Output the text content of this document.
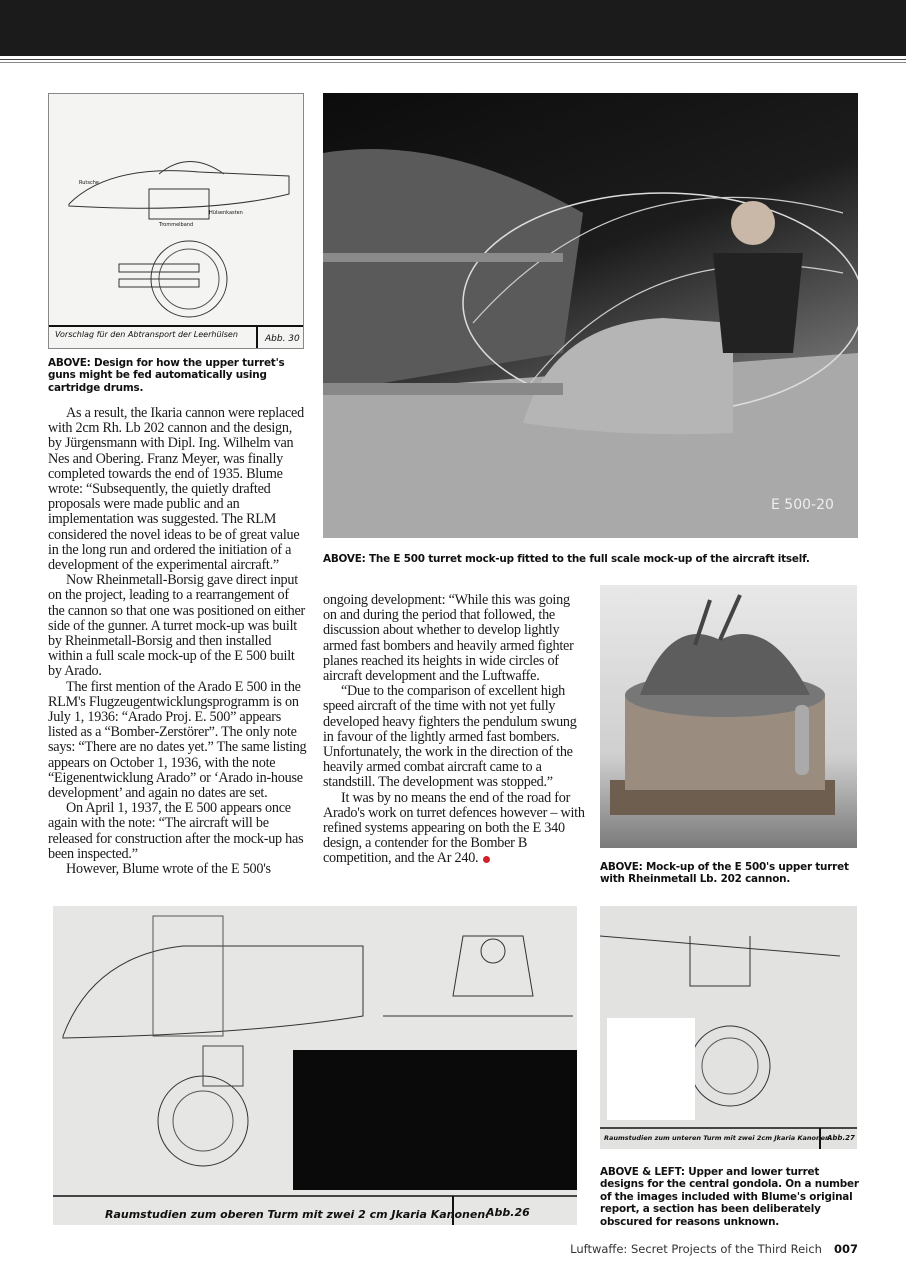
Vorschlag für den Abtransport der Leerhülsen	Abb. 30
Rutsche
Trommelband
Hülsenkasten
ABOVE: Design for how the upper turret's guns might be fed automatically using cartridge drums.
E 500-20
ABOVE: The E 500 turret mock-up fitted to the full scale mock-up of the aircraft itself.
ABOVE: Mock-up of the E 500's upper turret with Rheinmetall Lb. 202 cannon.
Raumstudien zum oberen Turm mit zwei 2 cm Jkaria Kanonen.
Abb.26
Raumstudien zum unteren Turm mit zwei 2cm Jkaria Kanonen.
Abb.27
ABOVE & LEFT: Upper and lower turret designs for the central gondola. On a number of the images included with Blume's original report, a section has been deliberately obscured for reasons unknown.

As a result, the Ikaria cannon were replaced with 2cm Rh. Lb 202 cannon and the design, by Jürgensmann with Dipl. Ing. Wilhelm van Nes and Obering. Franz Meyer, was finally completed towards the end of 1935. Blume wrote: “Subsequently, the quietly drafted proposals were made public and an implementation was suggested. The RLM considered the novel ideas to be of great value in the long run and ordered the initiation of a development of the experimental aircraft.”

Now Rheinmetall-Borsig gave direct input on the project, leading to a rearrangement of the cannon so that one was positioned on either side of the gunner. A turret mock-up was built by Rheinmetall-Borsig and then installed within a full scale mock-up of the E 500 built by Arado.

The first mention of the Arado E 500 in the RLM's Flugzeugentwicklungsprogramm is on July 1, 1936: “Arado Proj. E. 500” appears listed as a “Bomber-Zerstörer”. The only note says: “There are no dates yet.” The same listing appears on October 1, 1936, with the note “Eigenentwicklung Arado” or ‘Arado in-house development’ and again no dates are set.

On April 1, 1937, the E 500 appears once again with the note: “The aircraft will be released for construction after the mock-up has been inspected.”

However, Blume wrote of the E 500's

ongoing development: “While this was going on and during the period that followed, the discussion about whether to develop lightly armed fast bombers and heavily armed fighter planes reached its heights in wide circles of aircraft development and the Luftwaffe.

“Due to the comparison of excellent high speed aircraft of the time with not yet fully developed heavy fighters the pendulum swung in favour of the lightly armed fast bombers. Unfortunately, the work in the direction of the heavily armed combat aircraft came to a standstill. The development was stopped.”

It was by no means the end of the road for Arado's work on turret defences however – with refined systems appearing on both the E 340 design, a contender for the Bomber B competition, and the Ar 240.

Luftwaffe: Secret Projects of the Third Reich 007
